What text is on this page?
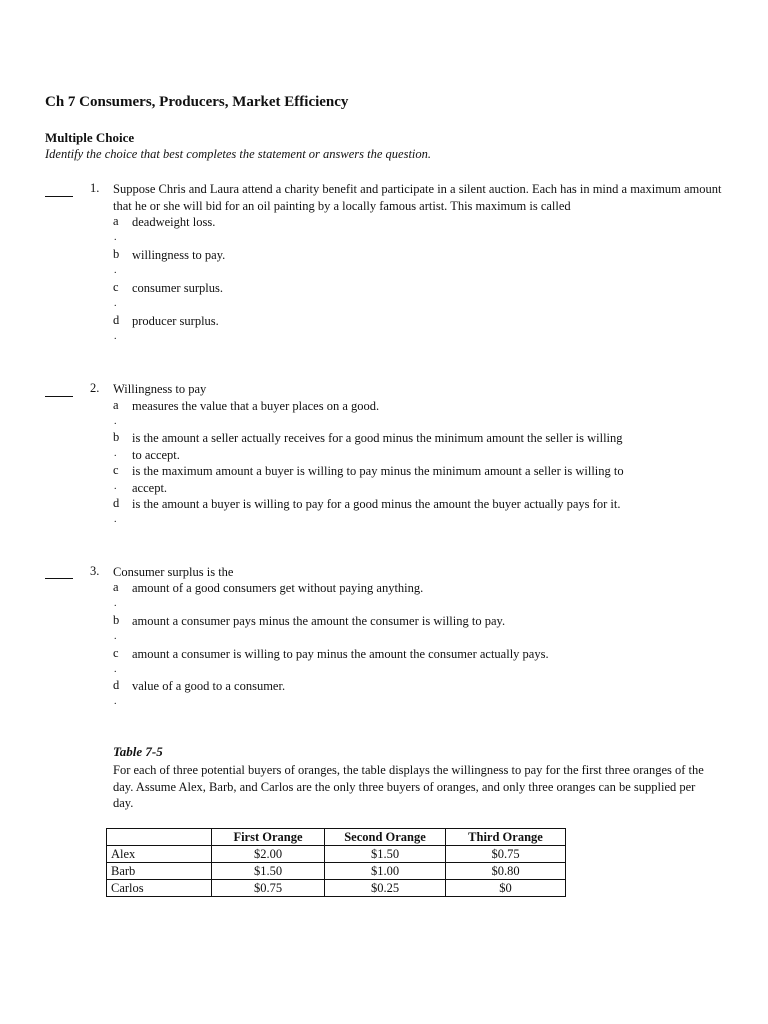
Ch 7 Consumers, Producers, Market Efficiency
Multiple Choice
Identify the choice that best completes the statement or answers the question.
1. Suppose Chris and Laura attend a charity benefit and participate in a silent auction. Each has in mind a maximum amount that he or she will bid for an oil painting by a locally famous artist. This maximum is called
a
.
deadweight loss.
b
.
willingness to pay.
c
.
consumer surplus.
d
.
producer surplus.
2. Willingness to pay
a
.
measures the value that a buyer places on a good.
b
.
is the amount a seller actually receives for a good minus the minimum amount the seller is willing to accept.
c
.
is the maximum amount a buyer is willing to pay minus the minimum amount a seller is willing to accept.
d
.
is the amount a buyer is willing to pay for a good minus the amount the buyer actually pays for it.
3. Consumer surplus is the
a
.
amount of a good consumers get without paying anything.
b
.
amount a consumer pays minus the amount the consumer is willing to pay.
c
.
amount a consumer is willing to pay minus the amount the consumer actually pays.
d
.
value of a good to a consumer.
Table 7-5
For each of three potential buyers of oranges, the table displays the willingness to pay for the first three oranges of the day. Assume Alex, Barb, and Carlos are the only three buyers of oranges, and only three oranges can be supplied per day.
	First Orange	Second Orange	Third Orange
Alex	$2.00	$1.50	$0.75
Barb	$1.50	$1.00	$0.80
Carlos	$0.75	$0.25	$0
